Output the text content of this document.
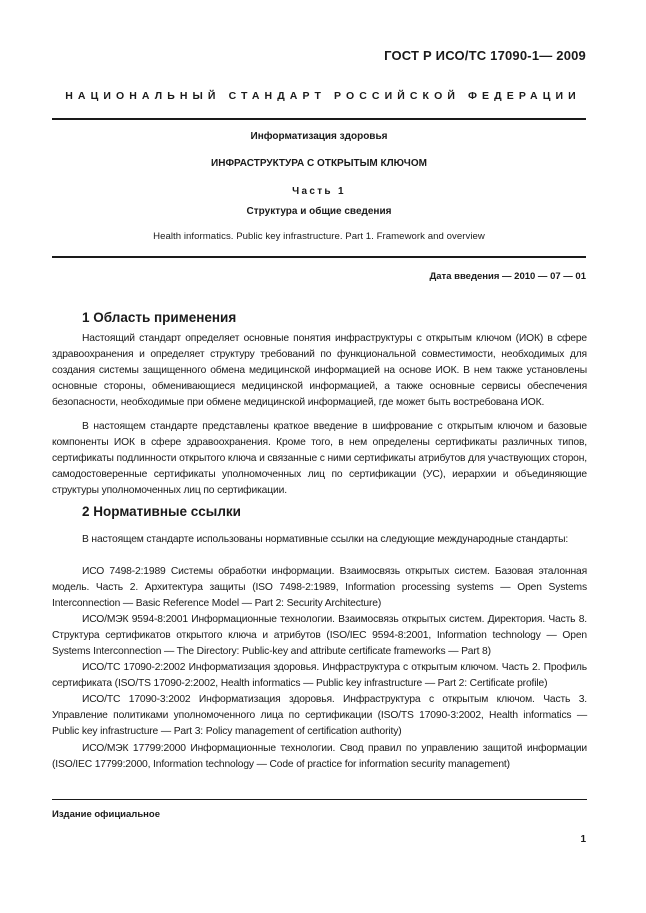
ГОСТ Р ИСО/ТС 17090-1— 2009
НАЦИОНАЛЬНЫЙ СТАНДАРТ РОССИЙСКОЙ ФЕДЕРАЦИИ
Информатизация здоровья
ИНФРАСТРУКТУРА С ОТКРЫТЫМ КЛЮЧОМ
Часть 1
Структура и общие сведения
Health informatics. Public key infrastructure. Part 1. Framework and overview
Дата введения — 2010 — 07 — 01
1 Область применения

Настоящий стандарт определяет основные понятия инфраструктуры с открытым ключом (ИОК) в сфере здравоохранения и определяет структуру требований по функциональной совместимости, необходимых для создания системы защищенного обмена медицинской информацией на основе ИОК. В нем также установлены основные стороны, обменивающиеся медицинской информацией, а также основные сервисы обеспечения безопасности, необходимые при обмене медицинской информацией, где может быть востребована ИОК.

В настоящем стандарте представлены краткое введение в шифрование с открытым ключом и базовые компоненты ИОК в сфере здравоохранения. Кроме того, в нем определены сертификаты различных типов, сертификаты подлинности открытого ключа и связанные с ними сертификаты атрибутов для участвующих сторон, самодостоверенные сертификаты уполномоченных лиц по сертификации (УС), иерархии и объединяющие структуры уполномоченных лиц по сертификации.

2 Нормативные ссылки

В настоящем стандарте использованы нормативные ссылки на следующие международные стандарты:

ИСО 7498-2:1989 Системы обработки информации. Взаимосвязь открытых систем. Базовая эталонная модель. Часть 2. Архитектура защиты (ISO 7498-2:1989, Information processing systems — Open Systems Interconnection — Basic Reference Model — Part 2: Security Architecture)
ИСО/МЭК 9594-8:2001 Информационные технологии. Взаимосвязь открытых систем. Директория. Часть 8. Структура сертификатов открытого ключа и атрибутов (ISO/IEC 9594-8:2001, Information technology — Open Systems Interconnection — The Directory: Public-key and attribute certificate frameworks — Part 8)
ИСО/ТС 17090-2:2002 Информатизация здоровья. Инфраструктура с открытым ключом. Часть 2. Профиль сертификата (ISO/TS 17090-2:2002, Health informatics — Public key infrastructure — Part 2: Certificate profile)
ИСО/ТС 17090-3:2002 Информатизация здоровья. Инфраструктура с открытым ключом. Часть 3. Управление политиками уполномоченного лица по сертификации (ISO/TS 17090-3:2002, Health informatics — Public key infrastructure — Part 3: Policy management of certification authority)
ИСО/МЭК 17799:2000 Информационные технологии. Свод правил по управлению защитой информации (ISO/IEC 17799:2000, Information technology — Code of practice for information security management)
Издание официальное
1
